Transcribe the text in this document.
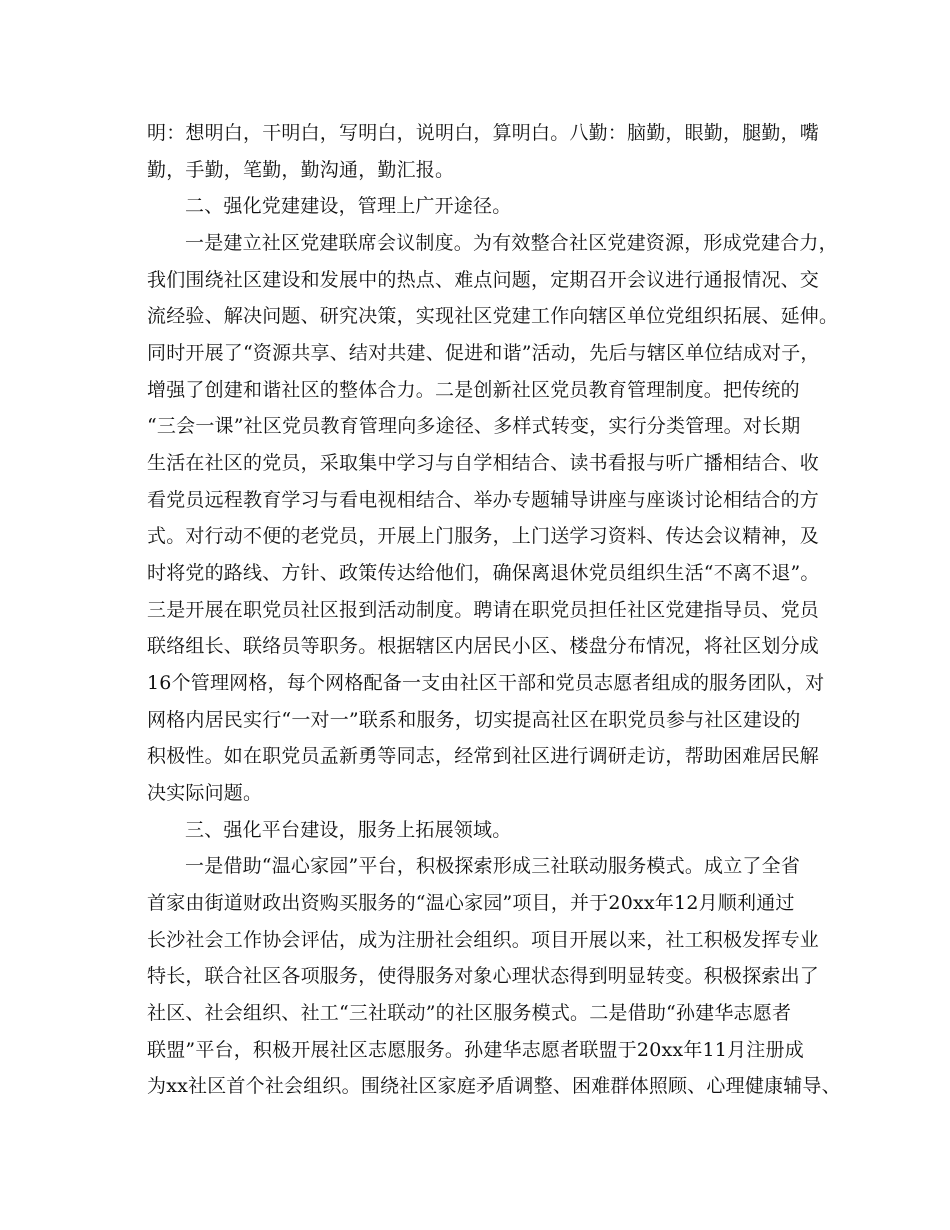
明：想明白，干明白，写明白，说明白，算明白。八勤：脑勤，眼勤，腿勤，嘴
勤，手勤，笔勤，勤沟通，勤汇报。
二、强化党建建设，管理上广开途径。
一是建立社区党建联席会议制度。为有效整合社区党建资源，形成党建合力，
我们围绕社区建设和发展中的热点、难点问题，定期召开会议进行通报情况、交
流经验、解决问题、研究决策，实现社区党建工作向辖区单位党组织拓展、延伸。
同时开展了“资源共享、结对共建、促进和谐”活动，先后与辖区单位结成对子，
增强了创建和谐社区的整体合力。二是创新社区党员教育管理制度。把传统的
“三会一课”社区党员教育管理向多途径、多样式转变，实行分类管理。对长期
生活在社区的党员，采取集中学习与自学相结合、读书看报与听广播相结合、收
看党员远程教育学习与看电视相结合、举办专题辅导讲座与座谈讨论相结合的方
式。对行动不便的老党员，开展上门服务，上门送学习资料、传达会议精神，及
时将党的路线、方针、政策传达给他们，确保离退休党员组织生活“不离不退”。
三是开展在职党员社区报到活动制度。聘请在职党员担任社区党建指导员、党员
联络组长、联络员等职务。根据辖区内居民小区、楼盘分布情况，将社区划分成
16个管理网格，每个网格配备一支由社区干部和党员志愿者组成的服务团队，对
网格内居民实行“一对一”联系和服务，切实提高社区在职党员参与社区建设的
积极性。如在职党员孟新勇等同志，经常到社区进行调研走访，帮助困难居民解
决实际问题。
三、强化平台建设，服务上拓展领域。
一是借助“温心家园”平台，积极探索形成三社联动服务模式。成立了全省
首家由街道财政出资购买服务的“温心家园”项目，并于20xx年12月顺利通过
长沙社会工作协会评估，成为注册社会组织。项目开展以来，社工积极发挥专业
特长，联合社区各项服务，使得服务对象心理状态得到明显转变。积极探索出了
社区、社会组织、社工“三社联动”的社区服务模式。二是借助“孙建华志愿者
联盟”平台，积极开展社区志愿服务。孙建华志愿者联盟于20xx年11月注册成
为xx社区首个社会组织。围绕社区家庭矛盾调整、困难群体照顾、心理健康辅导、
